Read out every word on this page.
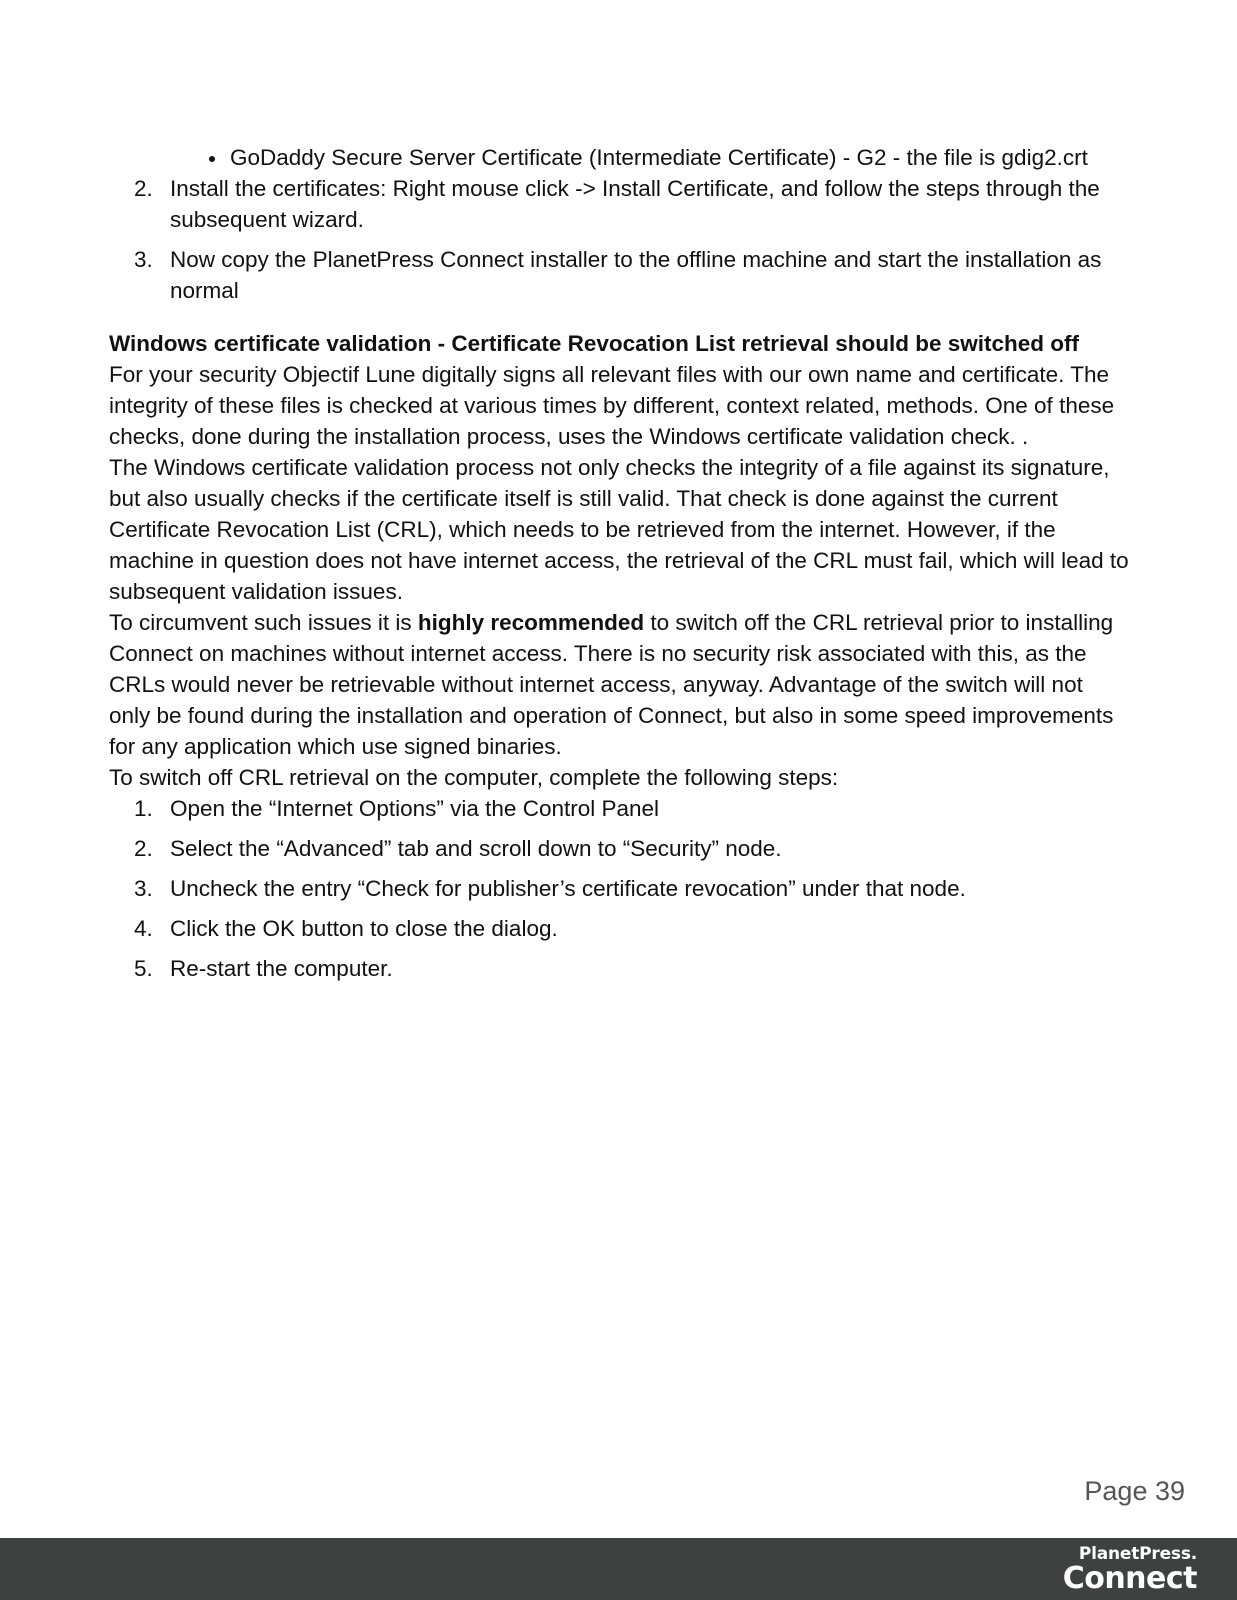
GoDaddy Secure Server Certificate (Intermediate Certificate) - G2 - the file is gdig2.crt
2. Install the certificates: Right mouse click -> Install Certificate, and follow the steps through the subsequent wizard.
3. Now copy the PlanetPress Connect installer to the offline machine and start the installation as normal
Windows certificate validation - Certificate Revocation List retrieval should be switched off

For your security Objectif Lune digitally signs all relevant files with our own name and certificate. The integrity of these files is checked at various times by different, context related, methods. One of these checks, done during the installation process, uses the Windows certificate validation check. .

The Windows certificate validation process not only checks the integrity of a file against its signature, but also usually checks if the certificate itself is still valid. That check is done against the current Certificate Revocation List (CRL), which needs to be retrieved from the internet. However, if the machine in question does not have internet access, the retrieval of the CRL must fail, which will lead to subsequent validation issues.

To circumvent such issues it is highly recommended to switch off the CRL retrieval prior to installing Connect on machines without internet access. There is no security risk associated with this, as the CRLs would never be retrievable without internet access, anyway. Advantage of the switch will not only be found during the installation and operation of Connect, but also in some speed improvements for any application which use signed binaries.

To switch off CRL retrieval on the computer, complete the following steps:

1. Open the “Internet Options” via the Control Panel
2. Select the “Advanced” tab and scroll down to “Security” node.
3. Uncheck the entry “Check for publisher’s certificate revocation” under that node.
4. Click the OK button to close the dialog.
5. Re-start the computer.
Page 39
PlanetPress.
Connect
